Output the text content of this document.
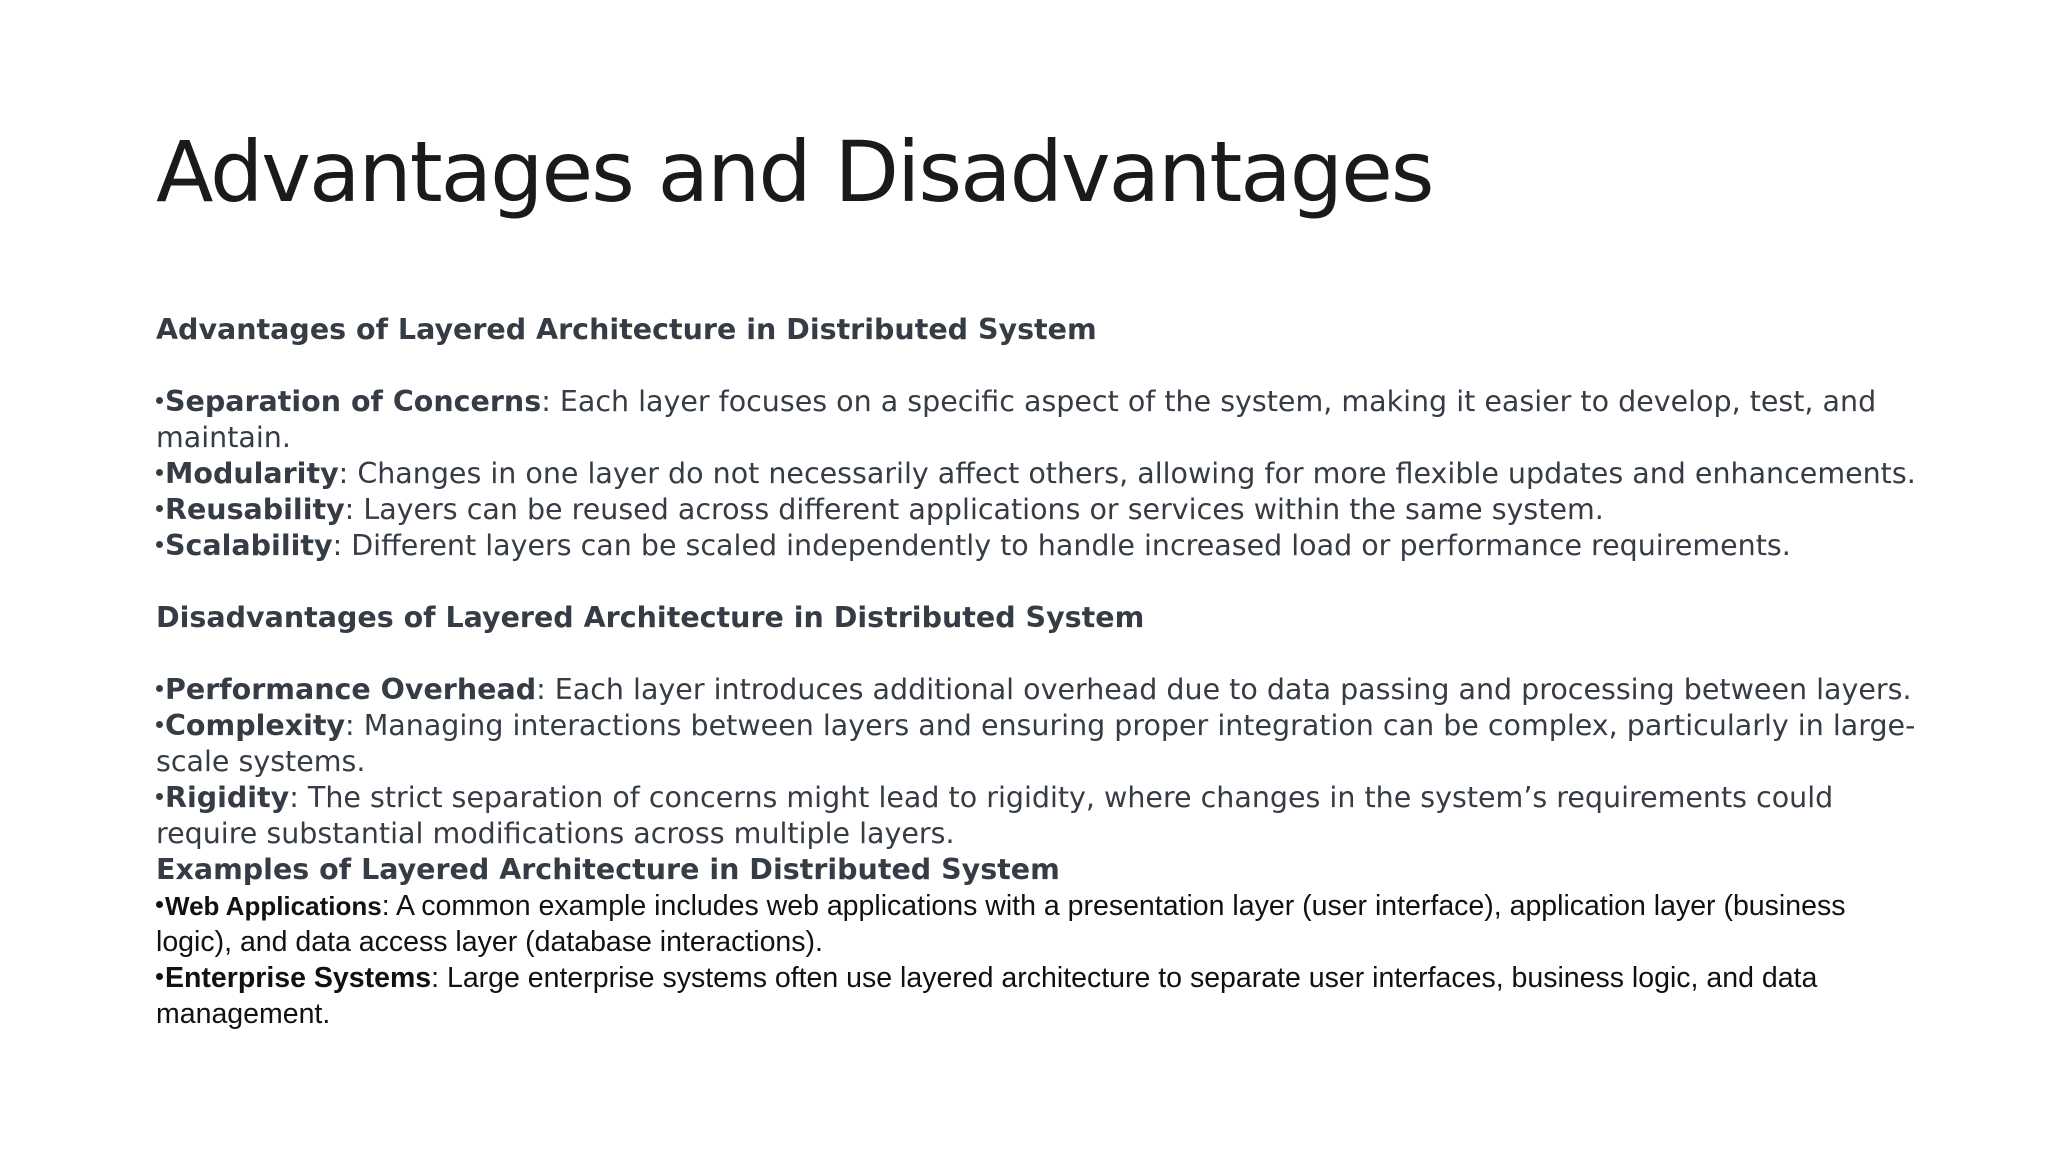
Advantages and Disadvantages

Advantages of Layered Architecture in Distributed System

Separation of Concerns: Each layer focuses on a specific aspect of the system, making it easier to develop, test, and maintain.

Modularity: Changes in one layer do not necessarily affect others, allowing for more flexible updates and enhancements.

Reusability: Layers can be reused across different applications or services within the same system.

Scalability: Different layers can be scaled independently to handle increased load or performance requirements.

Disadvantages of Layered Architecture in Distributed System

Performance Overhead: Each layer introduces additional overhead due to data passing and processing between layers.

Complexity: Managing interactions between layers and ensuring proper integration can be complex, particularly in large-scale systems.

Rigidity: The strict separation of concerns might lead to rigidity, where changes in the system’s requirements could require substantial modifications across multiple layers.

Examples of Layered Architecture in Distributed System

Web Applications: A common example includes web applications with a presentation layer (user interface), application layer (business logic), and data access layer (database interactions).

Enterprise Systems: Large enterprise systems often use layered architecture to separate user interfaces, business logic, and data management.
